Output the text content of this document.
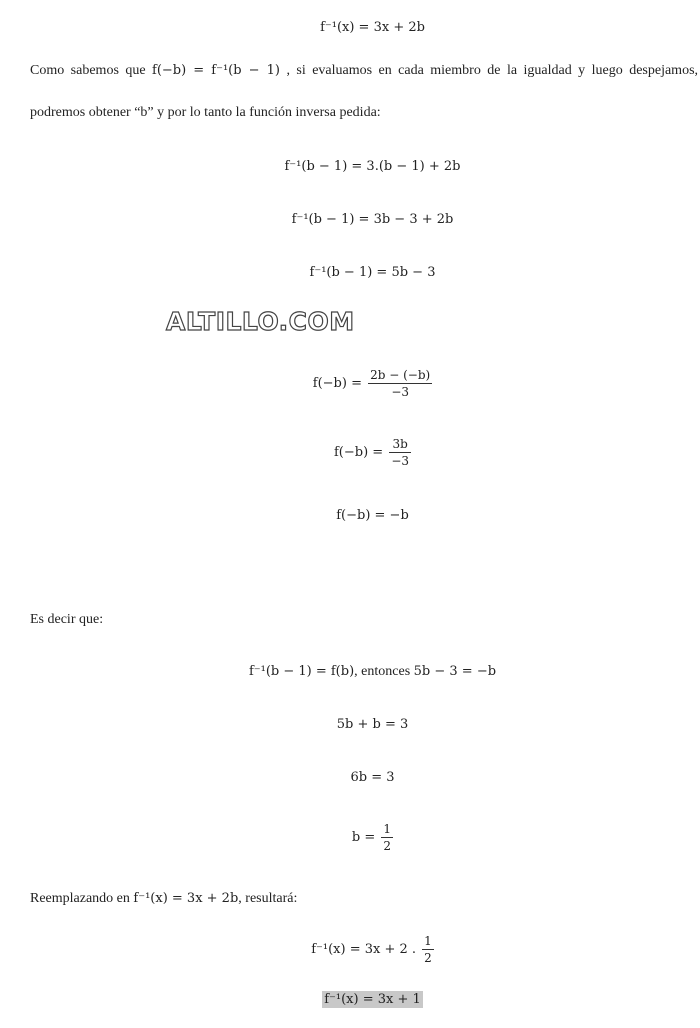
f⁻¹(x) = 3x + 2b
Como sabemos que f(−b) = f⁻¹(b − 1) , si evaluamos en cada miembro de la igualdad y luego despejamos,
podremos obtener “b” y por lo tanto la función inversa pedida:
f⁻¹(b − 1) = 3.(b − 1) + 2b
f⁻¹(b − 1) = 3b − 3 + 2b
f⁻¹(b − 1) = 5b − 3
ALTILLO.COM
$f(-b) = \frac{2b - (-b)}{-3}$
$f(-b) = \frac{3b}{-3}$
f(−b) = −b
Es decir que:
f⁻¹(b − 1) = f(b), entonces 5b − 3 = −b
5b + b = 3
6b = 3
$b = \frac{1}{2}$
Reemplazando en f⁻¹(x) = 3x + 2b, resultará:
f⁻¹(x) = 3x + 2 . $\frac{1}{2}$
f⁻¹(x) = 3x + 1
